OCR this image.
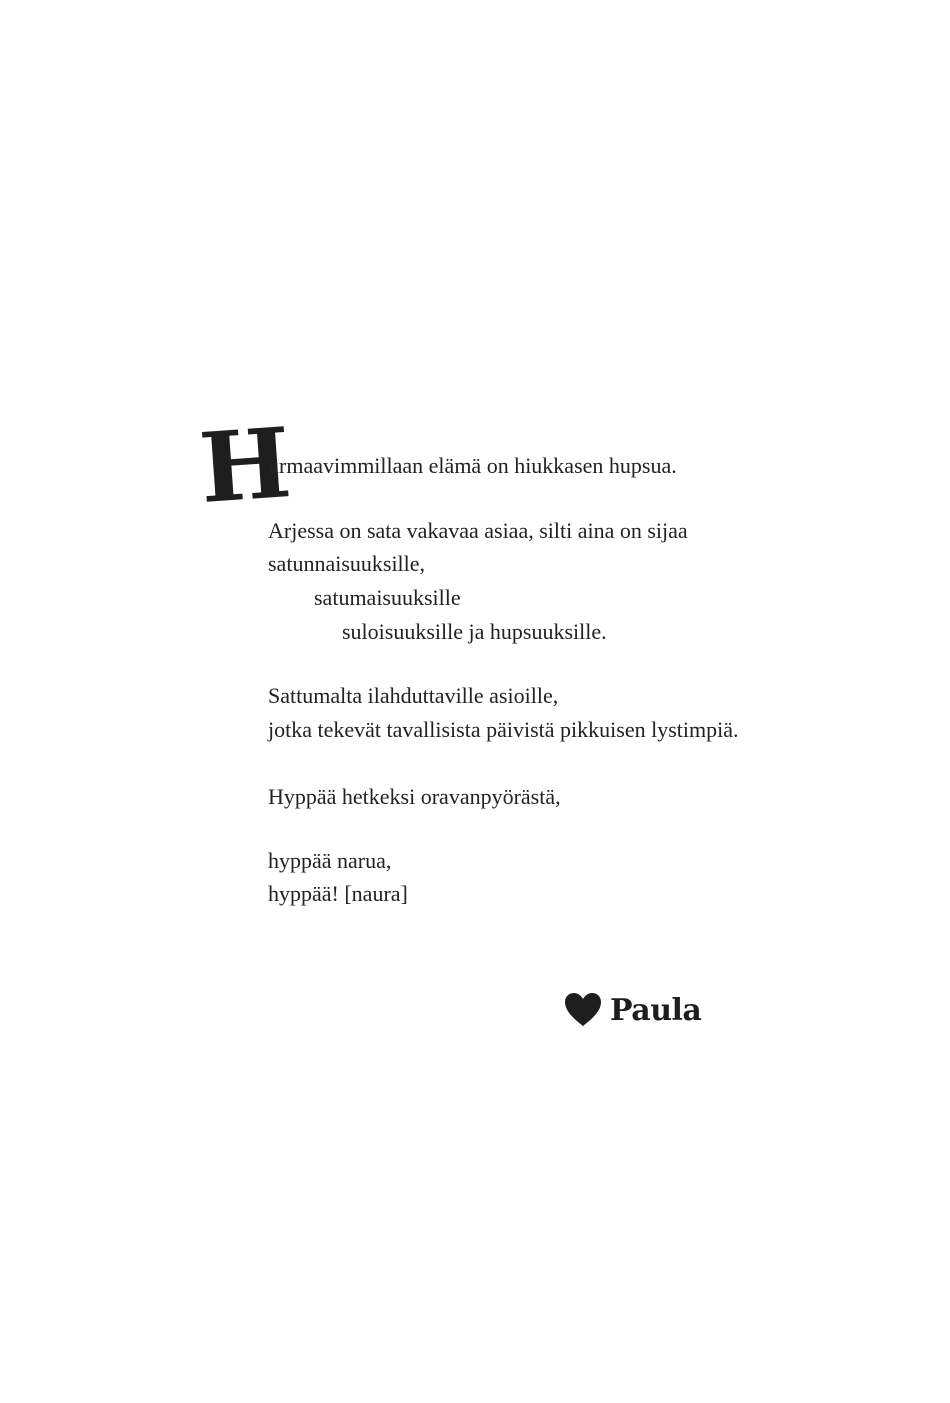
H
urmaavimmillaan elämä on hiukkasen hupsua.
Arjessa on sata vakavaa asiaa, silti aina on sijaa
satunnaisuuksille,
satumaisuuksille
suloisuuksille ja hupsuuksille.
Sattumalta ilahduttaville asioille,
jotka tekevät tavallisista päivistä pikkuisen lystimpiä.
Hyppää hetkeksi oravanpyörästä,
hyppää narua,
hyppää! [naura]
Paula
